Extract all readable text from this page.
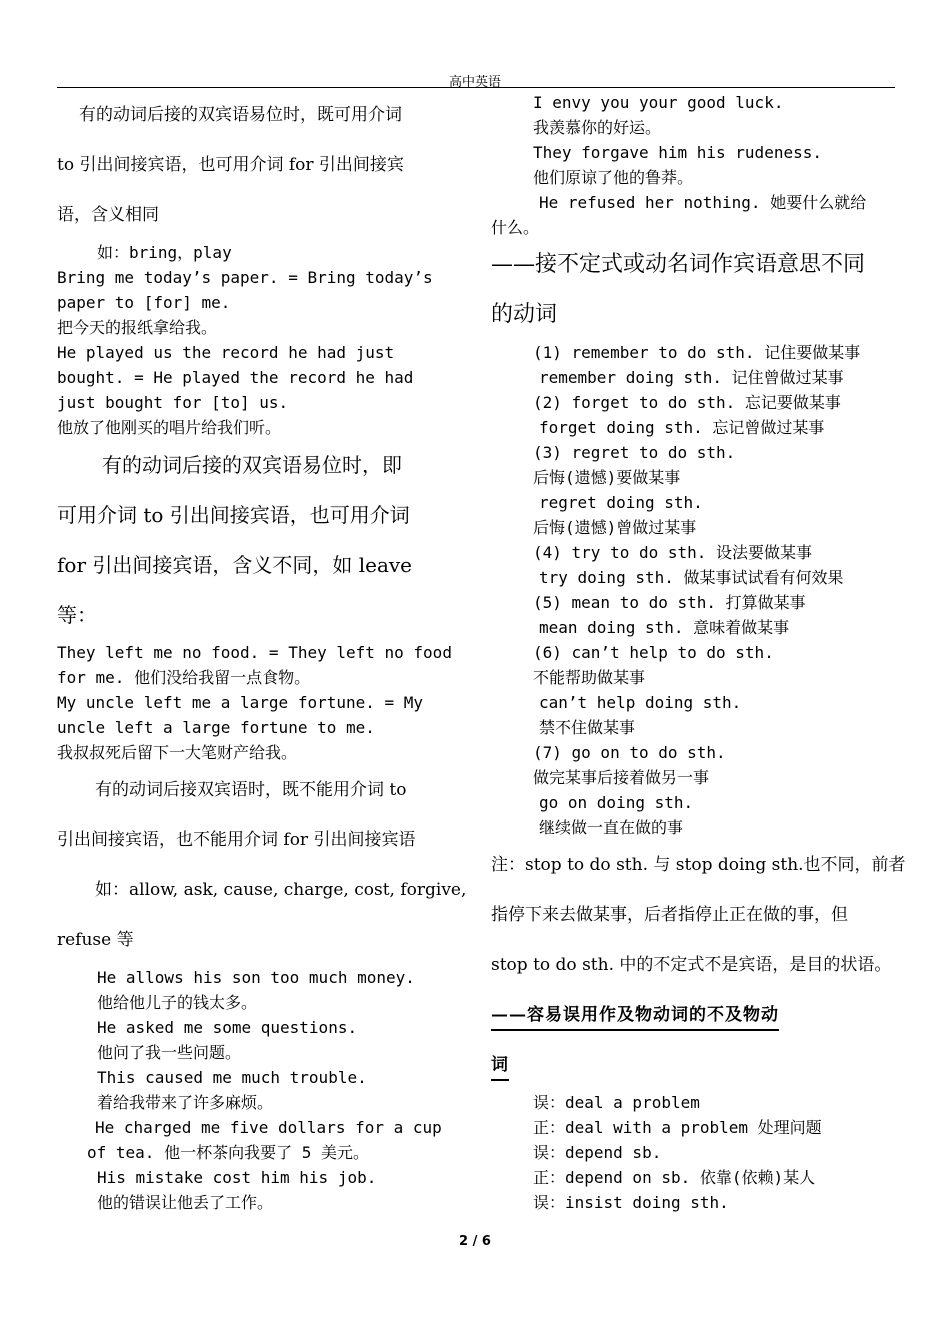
高中英语
有的动词后接的双宾语易位时，既可用介词
to 引出间接宾语，也可用介词 for 引出间接宾
语，含义相同
如：bring，play
Bring me today’s paper. = Bring today’s
paper to [for] me.
把今天的报纸拿给我。
He played us the record he had just
bought. = He played the record he had
just bought for [to] us.
他放了他刚买的唱片给我们听。
有的动词后接的双宾语易位时，即
可用介词 to 引出间接宾语，也可用介词
for 引出间接宾语，含义不同，如 leave
等：
They left me no food. = They left no food
for me. 他们没给我留一点食物。
My uncle left me a large fortune. = My
uncle left a large fortune to me.
我叔叔死后留下一大笔财产给我。
有的动词后接双宾语时，既不能用介词 to
引出间接宾语，也不能用介词 for 引出间接宾语
如：allow, ask, cause, charge, cost, forgive,
refuse 等
He allows his son too much money.
他给他儿子的钱太多。
He asked me some questions.
他问了我一些问题。
This caused me much trouble.
着给我带来了许多麻烦。
He charged me five dollars for a cup
of tea. 他一杯茶向我要了 5 美元。
His mistake cost him his job.
他的错误让他丢了工作。
I envy you your good luck.
我羡慕你的好运。
They forgave him his rudeness.
他们原谅了他的鲁莽。
He refused her nothing. 她要什么就给
什么。
——接不定式或动名词作宾语意思不同
的动词
(1) remember to do sth. 记住要做某事
remember doing sth. 记住曾做过某事
(2) forget to do sth. 忘记要做某事
forget doing sth. 忘记曾做过某事
(3) regret to do sth.
后悔(遗憾)要做某事
regret doing sth.
后悔(遗憾)曾做过某事
(4) try to do sth. 设法要做某事
try doing sth. 做某事试试看有何效果
(5) mean to do sth. 打算做某事
mean doing sth. 意味着做某事
(6) can’t help to do sth.
不能帮助做某事
can’t help doing sth.
禁不住做某事
(7) go on to do sth.
做完某事后接着做另一事
go on doing sth.
继续做一直在做的事
注：stop to do sth. 与 stop doing sth.也不同，前者
指停下来去做某事，后者指停止正在做的事，但
stop to do sth. 中的不定式不是宾语，是目的状语。
——容易误用作及物动词的不及物动
词
误：deal a problem
正：deal with a problem 处理问题
误：depend sb.
正：depend on sb. 依靠(依赖)某人
误：insist doing sth.
2 / 6
